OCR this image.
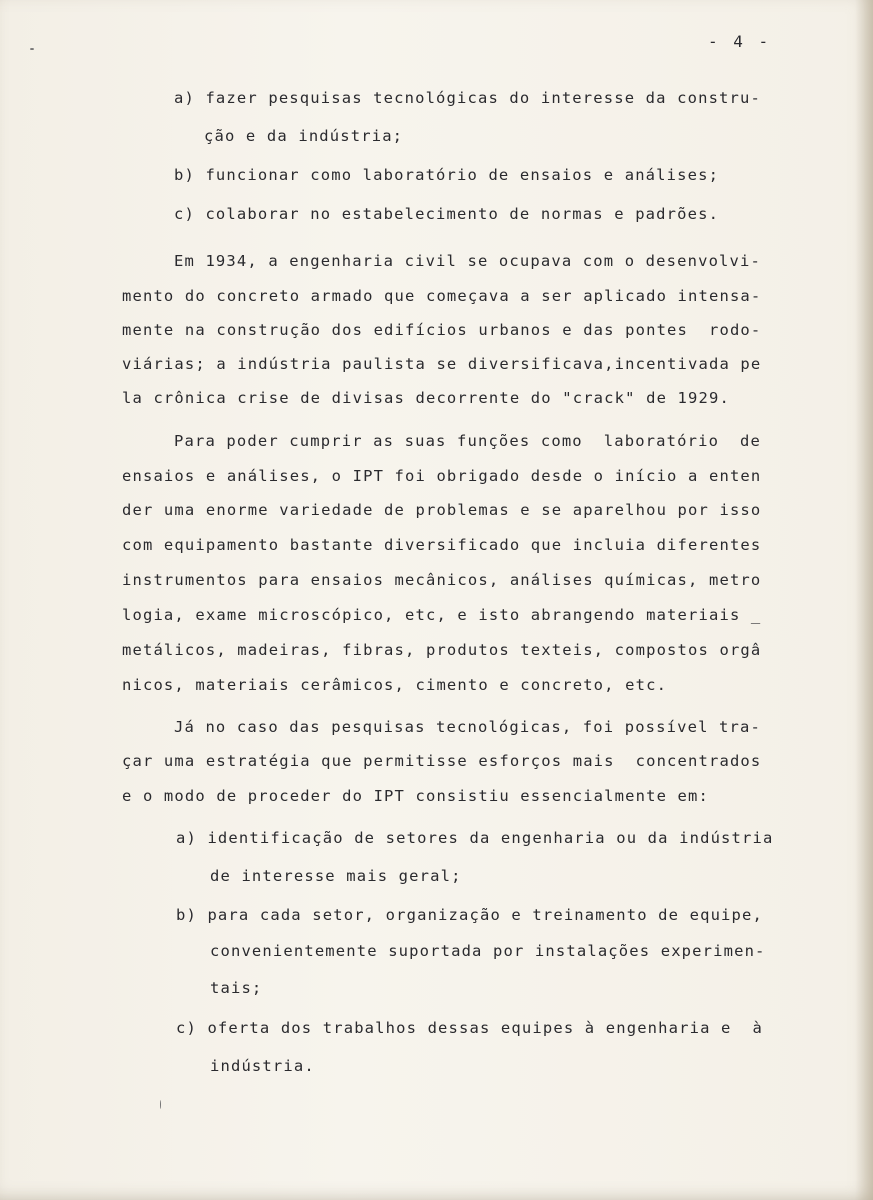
- 4 -

a) fazer pesquisas tecnológicas do interesse da constru-

ção e da indústria;

b) funcionar como laboratório de ensaios e análises;

c) colaborar no estabelecimento de normas e padrões.

Em 1934, a engenharia civil se ocupava com o desenvolvi-

mento do concreto armado que começava a ser aplicado intensa-

mente na construção dos edifícios urbanos e das pontes  rodo-

viárias; a indústria paulista se diversificava,incentivada pe

la crônica crise de divisas decorrente do "crack" de 1929.

Para poder cumprir as suas funções como  laboratório  de

ensaios e análises, o IPT foi obrigado desde o início a enten

der uma enorme variedade de problemas e se aparelhou por isso

com equipamento bastante diversificado que incluia diferentes

instrumentos para ensaios mecânicos, análises químicas, metro

logia, exame microscópico, etc, e isto abrangendo materiais _

metálicos, madeiras, fibras, produtos texteis, compostos orgâ

nicos, materiais cerâmicos, cimento e concreto, etc.

Já no caso das pesquisas tecnológicas, foi possível tra-

çar uma estratégia que permitisse esforços mais  concentrados

e o modo de proceder do IPT consistiu essencialmente em:

a) identificação de setores da engenharia ou da indústria

de interesse mais geral;

b) para cada setor, organização e treinamento de equipe,

convenientemente suportada por instalações experimen-

tais;

c) oferta dos trabalhos dessas equipes à engenharia e  à

indústria.
